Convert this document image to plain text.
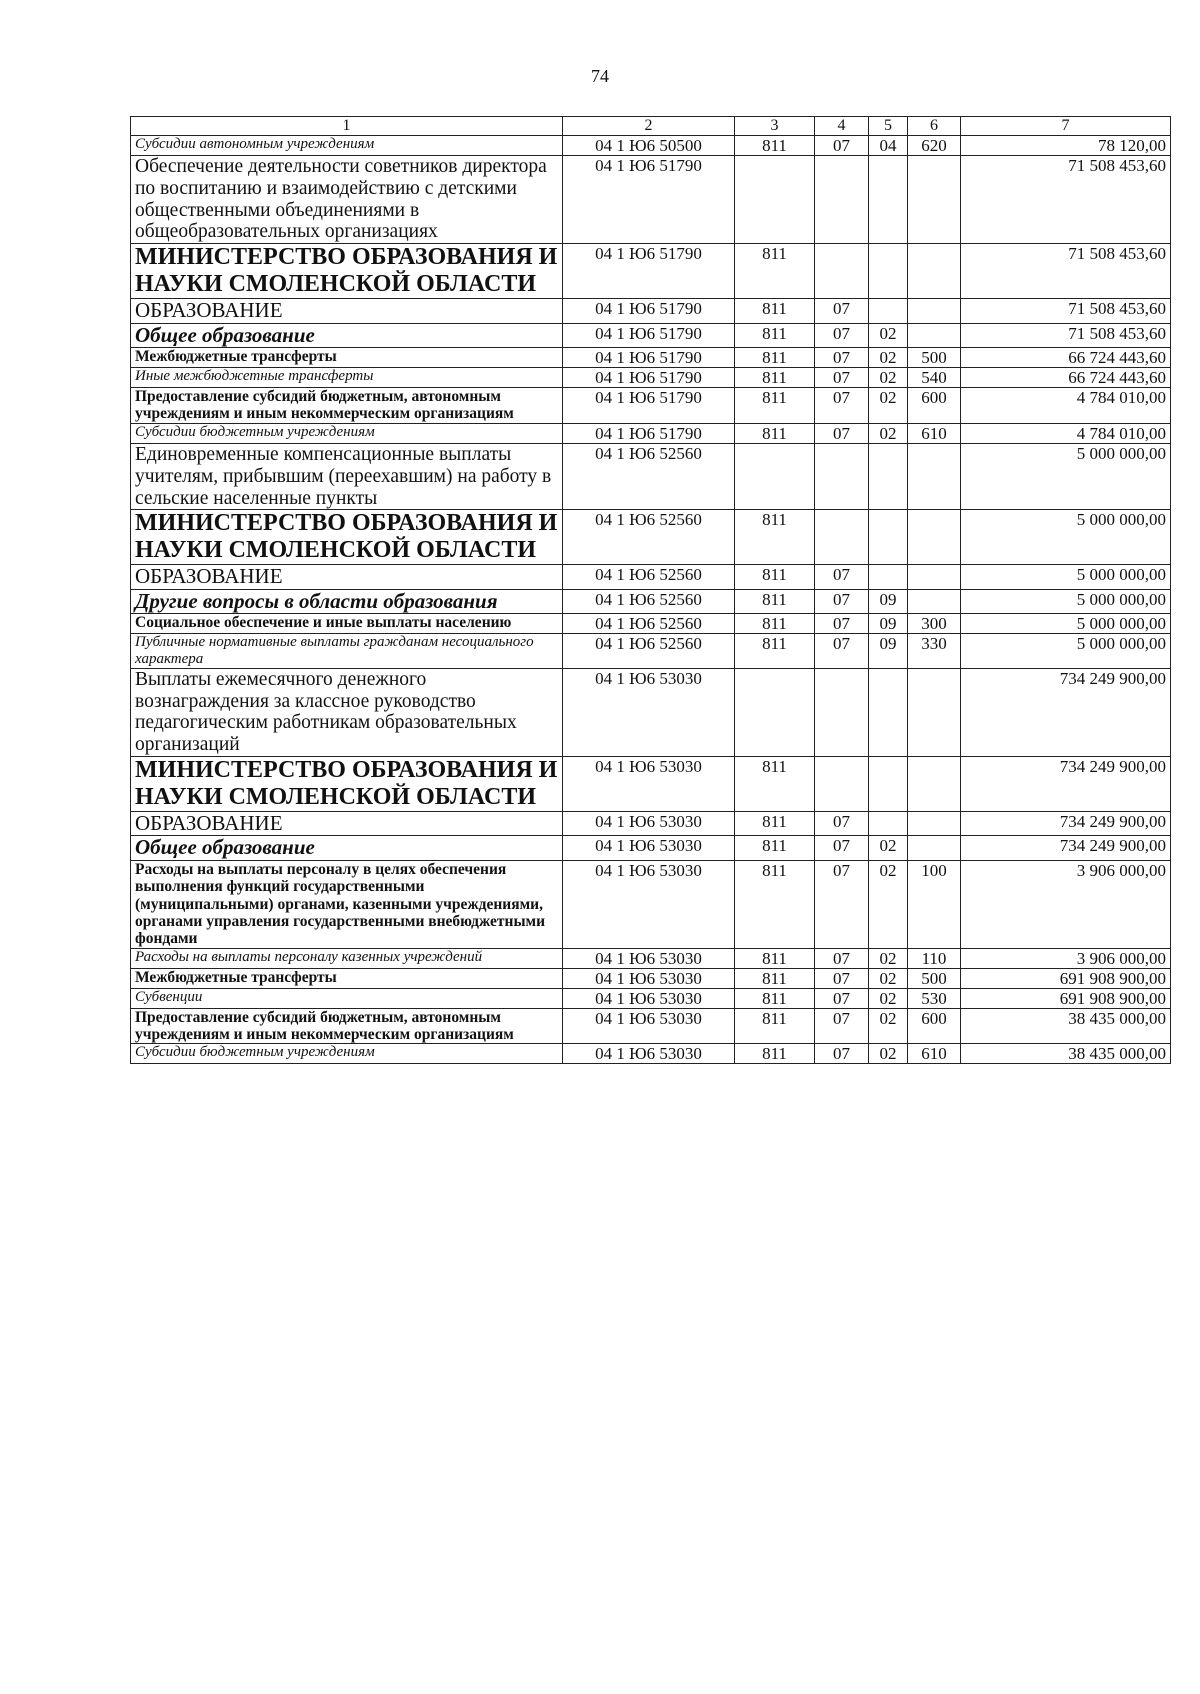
74
1	2	3	4	5	6	7
Субсидии автономным учреждениям	04 1 Ю6 50500	811	07	04	620	78 120,00
Обеспечение деятельности советников директора по воспитанию и взаимодействию с детскими общественными объединениями в общеобразовательных организациях	04 1 Ю6 51790					71 508 453,60
МИНИСТЕРСТВО ОБРАЗОВАНИЯ И НАУКИ СМОЛЕНСКОЙ ОБЛАСТИ	04 1 Ю6 51790	811				71 508 453,60
ОБРАЗОВАНИЕ	04 1 Ю6 51790	811	07			71 508 453,60
Общее образование	04 1 Ю6 51790	811	07	02		71 508 453,60
Межбюджетные трансферты	04 1 Ю6 51790	811	07	02	500	66 724 443,60
Иные межбюджетные трансферты	04 1 Ю6 51790	811	07	02	540	66 724 443,60
Предоставление субсидий бюджетным, автономным учреждениям и иным некоммерческим организациям	04 1 Ю6 51790	811	07	02	600	4 784 010,00
Субсидии бюджетным учреждениям	04 1 Ю6 51790	811	07	02	610	4 784 010,00
Единовременные компенсационные выплаты учителям, прибывшим (переехавшим) на работу в сельские населенные пункты	04 1 Ю6 52560					5 000 000,00
МИНИСТЕРСТВО ОБРАЗОВАНИЯ И НАУКИ СМОЛЕНСКОЙ ОБЛАСТИ	04 1 Ю6 52560	811				5 000 000,00
ОБРАЗОВАНИЕ	04 1 Ю6 52560	811	07			5 000 000,00
Другие вопросы в области образования	04 1 Ю6 52560	811	07	09		5 000 000,00
Социальное обеспечение и иные выплаты населению	04 1 Ю6 52560	811	07	09	300	5 000 000,00
Публичные нормативные выплаты гражданам несоциального характера	04 1 Ю6 52560	811	07	09	330	5 000 000,00
Выплаты ежемесячного денежного вознаграждения за классное руководство педагогическим работникам образовательных организаций	04 1 Ю6 53030					734 249 900,00
МИНИСТЕРСТВО ОБРАЗОВАНИЯ И НАУКИ СМОЛЕНСКОЙ ОБЛАСТИ	04 1 Ю6 53030	811				734 249 900,00
ОБРАЗОВАНИЕ	04 1 Ю6 53030	811	07			734 249 900,00
Общее образование	04 1 Ю6 53030	811	07	02		734 249 900,00
Расходы на выплаты персоналу в целях обеспечения выполнения функций государственными (муниципальными) органами, казенными учреждениями, органами управления государственными внебюджетными фондами	04 1 Ю6 53030	811	07	02	100	3 906 000,00
Расходы на выплаты персоналу казенных учреждений	04 1 Ю6 53030	811	07	02	110	3 906 000,00
Межбюджетные трансферты	04 1 Ю6 53030	811	07	02	500	691 908 900,00
Субвенции	04 1 Ю6 53030	811	07	02	530	691 908 900,00
Предоставление субсидий бюджетным, автономным учреждениям и иным некоммерческим организациям	04 1 Ю6 53030	811	07	02	600	38 435 000,00
Субсидии бюджетным учреждениям	04 1 Ю6 53030	811	07	02	610	38 435 000,00
